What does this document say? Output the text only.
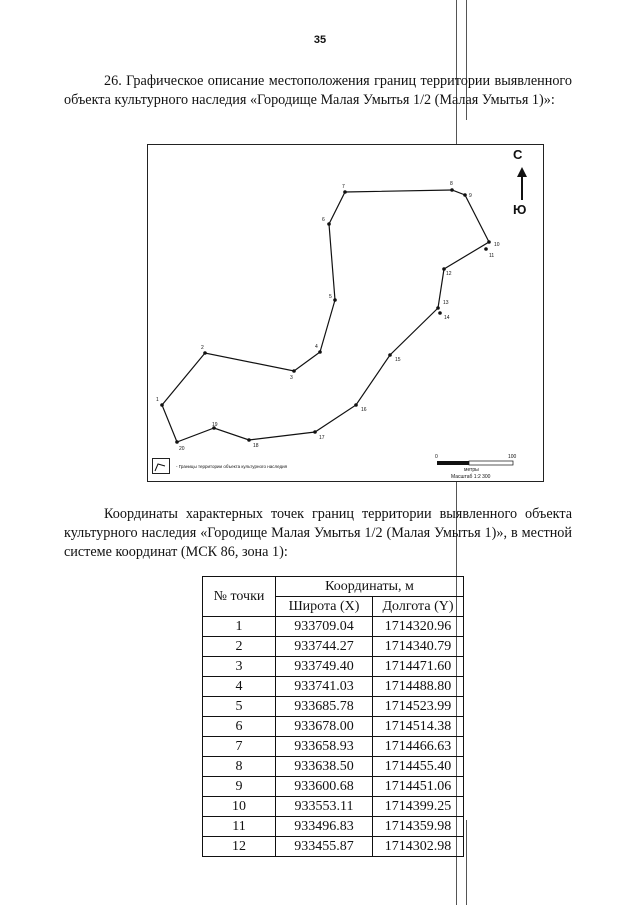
35

26. Графическое описание местоположения границ территории выявленного объекта культурного наследия «Городище Малая Умытья 1/2 (Малая Умытья 1)»:

1
2
3
4
5
6
7	8
9
10
11
12
13
14
15
16
17
18
19
20
С
Ю
0	100
метры
Масштаб 1:2 300
- Границы территории объекта культурного наследия

Координаты характерных точек границ территории выявленного объекта культурного наследия «Городище Малая Умытья 1/2 (Малая Умытья 1)», в местной системе координат (МСК 86, зона 1):

№ точки	Координаты, м	
	Широта (X)	Долгота (Y)
1	933709.04	1714320.96
2	933744.27	1714340.79
3	933749.40	1714471.60
4	933741.03	1714488.80
5	933685.78	1714523.99
6	933678.00	1714514.38
7	933658.93	1714466.63
8	933638.50	1714455.40
9	933600.68	1714451.06
10	933553.11	1714399.25
11	933496.83	1714359.98
12	933455.87	1714302.98
